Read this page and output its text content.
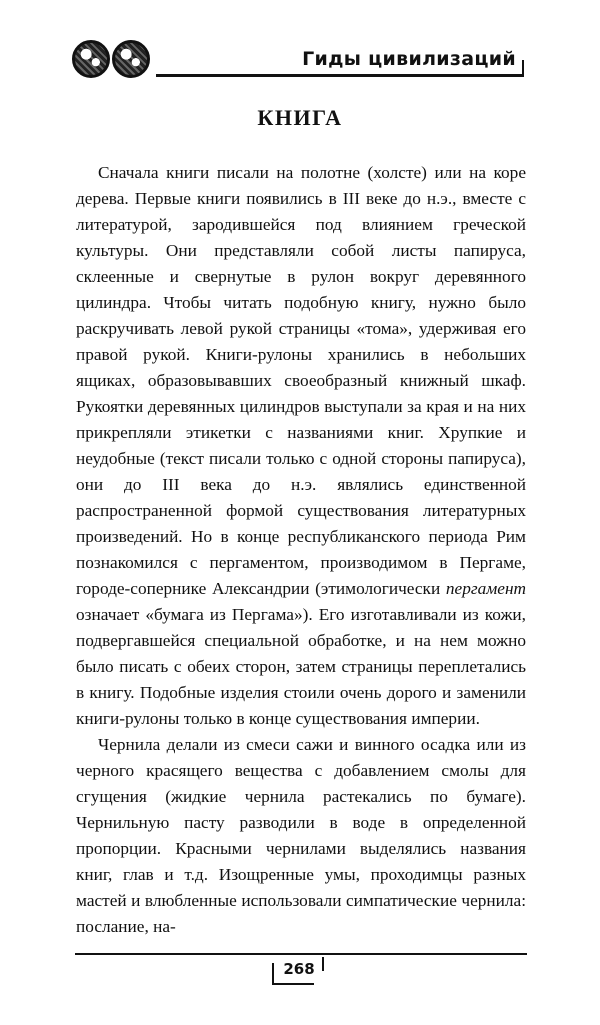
Гиды цивилизаций
КНИГА

Сначала книги писали на полотне (холсте) или на коре дерева. Первые книги появились в III веке до н.э., вместе с литературой, зародившейся под влиянием греческой культуры. Они представляли собой листы папируса, склеенные и свернутые в рулон вокруг деревянного цилиндра. Чтобы читать подобную книгу, нужно было раскручивать левой рукой страницы «тома», удерживая его правой рукой. Книги-рулоны хранились в небольших ящиках, образовывавших своеобразный книжный шкаф. Рукоятки деревянных цилиндров выступали за края и на них прикрепляли этикетки с названиями книг. Хрупкие и неудобные (текст писали только с одной стороны папируса), они до III века до н.э. являлись единственной распространенной формой существования литературных произведений. Но в конце республиканского периода Рим познакомился с пергаментом, производимом в Пергаме, городе-сопернике Александрии (этимологически пергамент означает «бумага из Пергама»). Его изготавливали из кожи, подвергавшейся специальной обработке, и на нем можно было писать с обеих сторон, затем страницы переплетались в книгу. Подобные изделия стоили очень дорого и заменили книги-рулоны только в конце существования империи.

Чернила делали из смеси сажи и винного осадка или из черного красящего вещества с добавлением смолы для сгущения (жидкие чернила растекались по бумаге). Чернильную пасту разводили в воде в определенной пропорции. Красными чернилами выделялись названия книг, глав и т.д. Изощренные умы, проходимцы разных мастей и влюбленные использовали симпатические чернила: послание, на-

268
